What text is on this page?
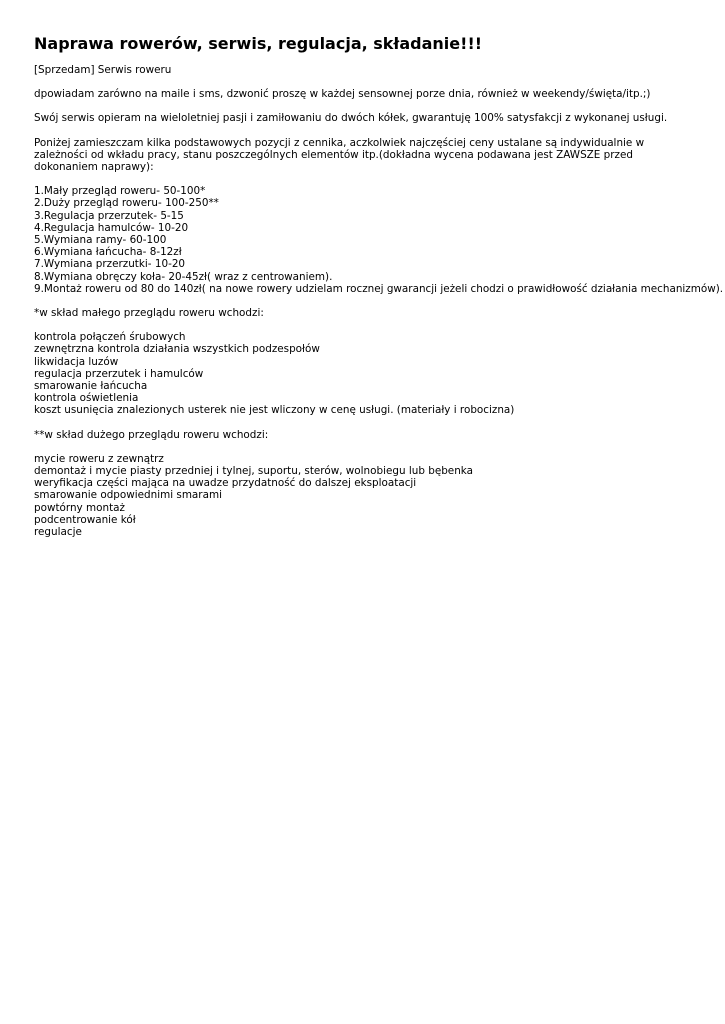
Naprawa rowerów, serwis, regulacja, składanie!!!

[Sprzedam] Serwis roweru

dpowiadam zarówno na maile i sms, dzwonić proszę w każdej sensownej porze dnia, również w weekendy/święta/itp.;)

Swój serwis opieram na wieloletniej pasji i zamiłowaniu do dwóch kółek, gwarantuję 100% satysfakcji z wykonanej usługi.

Poniżej zamieszczam kilka podstawowych pozycji z cennika, aczkolwiek najczęściej ceny ustalane są indywidualnie w zależności od wkładu pracy, stanu poszczególnych elementów itp.(dokładna wycena podawana jest ZAWSZE przed dokonaniem naprawy):

1.Mały przegląd roweru- 50-100*
2.Duży przegląd roweru- 100-250**
3.Regulacja przerzutek- 5-15
4.Regulacja hamulców- 10-20
5.Wymiana ramy- 60-100
6.Wymiana łańcucha- 8-12zł
7.Wymiana przerzutki- 10-20
8.Wymiana obręczy koła- 20-45zł( wraz z centrowaniem).
9.Montaż roweru od 80 do 140zł( na nowe rowery udzielam rocznej gwarancji jeżeli chodzi o prawidłowość działania mechanizmów).

*w skład małego przeglądu roweru wchodzi:

kontrola połączeń śrubowych
zewnętrzna kontrola działania wszystkich podzespołów
likwidacja luzów
regulacja przerzutek i hamulców
smarowanie łańcucha
kontrola oświetlenia
koszt usunięcia znalezionych usterek nie jest wliczony w cenę usługi. (materiały i robocizna)

**w skład dużego przeglądu roweru wchodzi:

mycie roweru z zewnątrz
demontaż i mycie piasty przedniej i tylnej, suportu, sterów, wolnobiegu lub bębenka
weryfikacja części mająca na uwadze przydatność do dalszej eksploatacji
smarowanie odpowiednimi smarami
powtórny montaż
podcentrowanie kół
regulacje
